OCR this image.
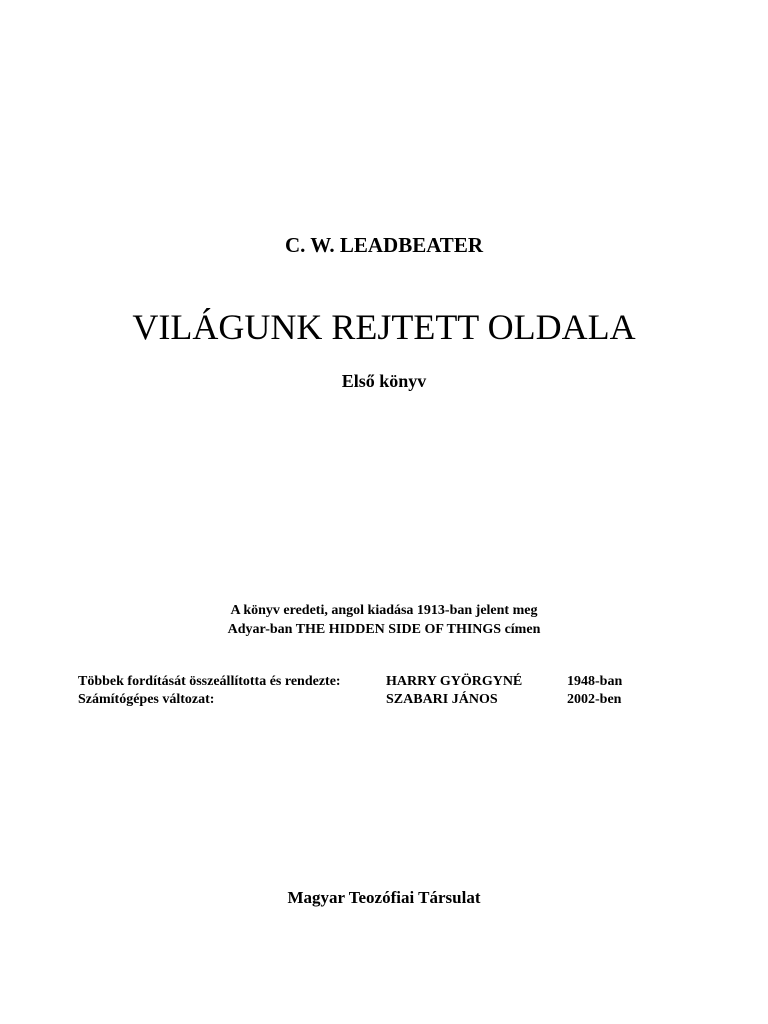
C. W. LEADBEATER
VILÁGUNK REJTETT OLDALA
Első könyv
A könyv eredeti, angol kiadása 1913-ban jelent meg
Adyar-ban THE HIDDEN SIDE OF THINGS címen
Többek fordítását összeállította és rendezte:	HARRY GYÖRGYNÉ	1948-ban
Számítógépes változat:	SZABARI JÁNOS	2002-ben
Magyar Teozófiai Társulat
